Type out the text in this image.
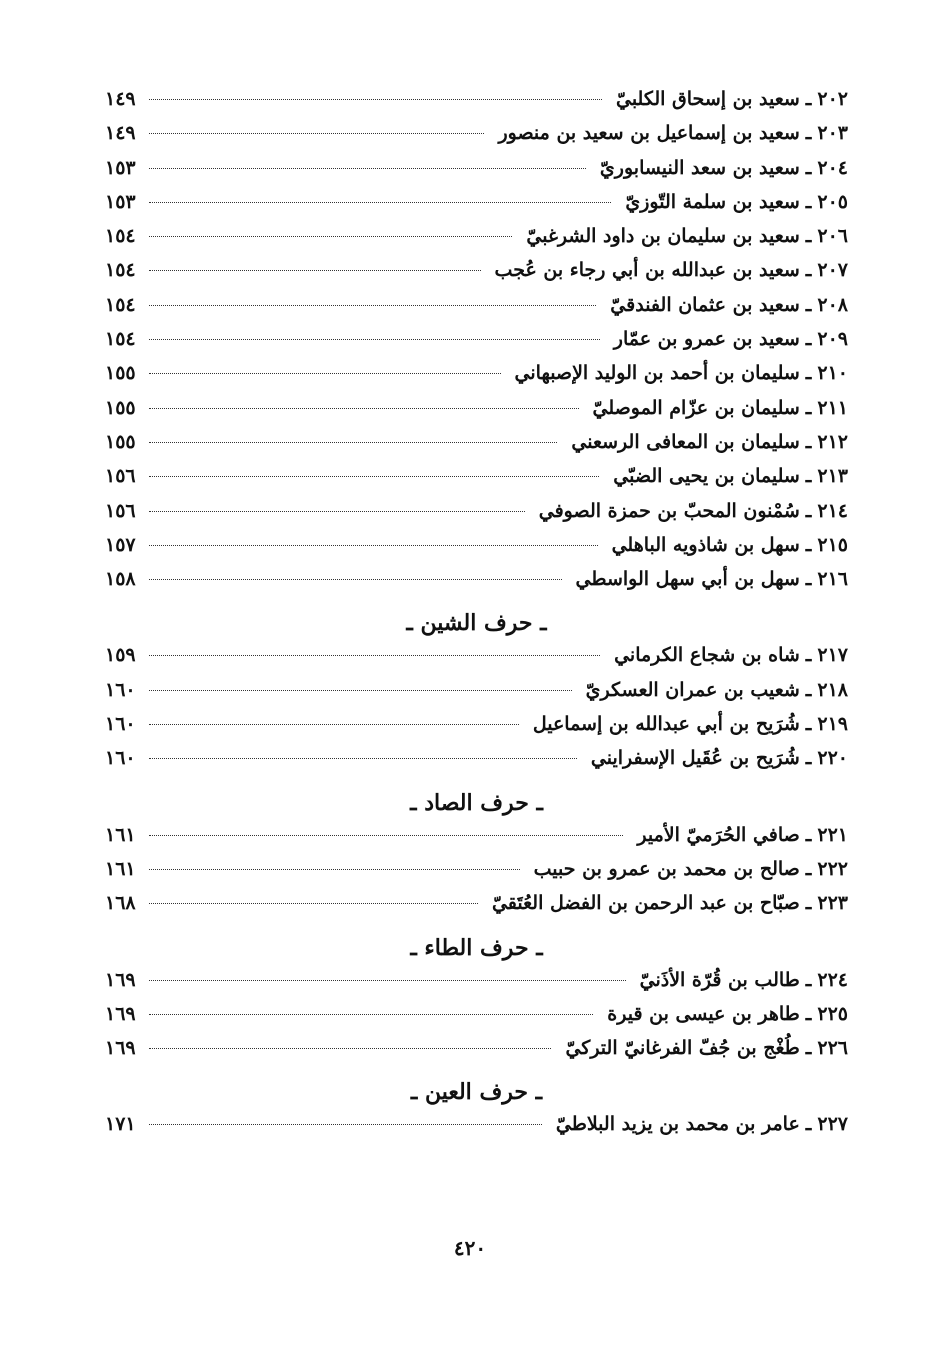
٢٠٢
ـ
سعيد بن إسحاق الكلبيّ
١٤٩
٢٠٣
ـ
سعيد بن إسماعيل بن سعيد بن منصور
١٤٩
٢٠٤
ـ
سعيد بن سعد النيسابوريّ
١٥٣
٢٠٥
ـ
سعيد بن سلمة التّوزيّ
١٥٣
٢٠٦
ـ
سعيد بن سليمان بن داود الشرغبيّ
١٥٤
٢٠٧
ـ
سعيد بن عبدالله بن أبي رجاء بن عُجب
١٥٤
٢٠٨
ـ
سعيد بن عثمان الفندقيّ
١٥٤
٢٠٩
ـ
سعيد بن عمرو بن عمّار
١٥٤
٢١٠
ـ
سليمان بن أحمد بن الوليد الإصبهاني
١٥٥
٢١١
ـ
سليمان بن عزّام الموصليّ
١٥٥
٢١٢
ـ
سليمان بن المعافى الرسعني
١٥٥
٢١٣
ـ
سليمان بن يحيى الضبّي
١٥٦
٢١٤
ـ
سُمْنون المحبّ بن حمزة الصوفي
١٥٦
٢١٥
ـ
سهل بن شاذويه الباهلي
١٥٧
٢١٦
ـ
سهل بن أبي سهل الواسطي
١٥٨
ـ حرف الشين ـ
٢١٧
ـ
شاه بن شجاع الكرماني
١٥٩
٢١٨
ـ
شعيب بن عمران العسكريّ
١٦٠
٢١٩
ـ
شُرَيح بن أبي عبدالله بن إسماعيل
١٦٠
٢٢٠
ـ
شُرَيح بن عُقَيل الإسفرايني
١٦٠
ـ حرف الصاد ـ
٢٢١
ـ
صافي الحُرَميّ الأمير
١٦١
٢٢٢
ـ
صالح بن محمد بن عمرو بن حبيب
١٦١
٢٢٣
ـ
صبّاح بن عبد الرحمن بن الفضل العُتَقيّ
١٦٨
ـ حرف الطاء ـ
٢٢٤
ـ
طالب بن قُرّة الأذَنيّ
١٦٩
٢٢٥
ـ
طاهر بن عيسى بن قيرة
١٦٩
٢٢٦
ـ
طُغْج بن جُفّ الفرغانيّ التركيّ
١٦٩
ـ حرف العين ـ
٢٢٧
ـ
عامر بن محمد بن يزيد البلاطيّ
١٧١
٤٢٠
